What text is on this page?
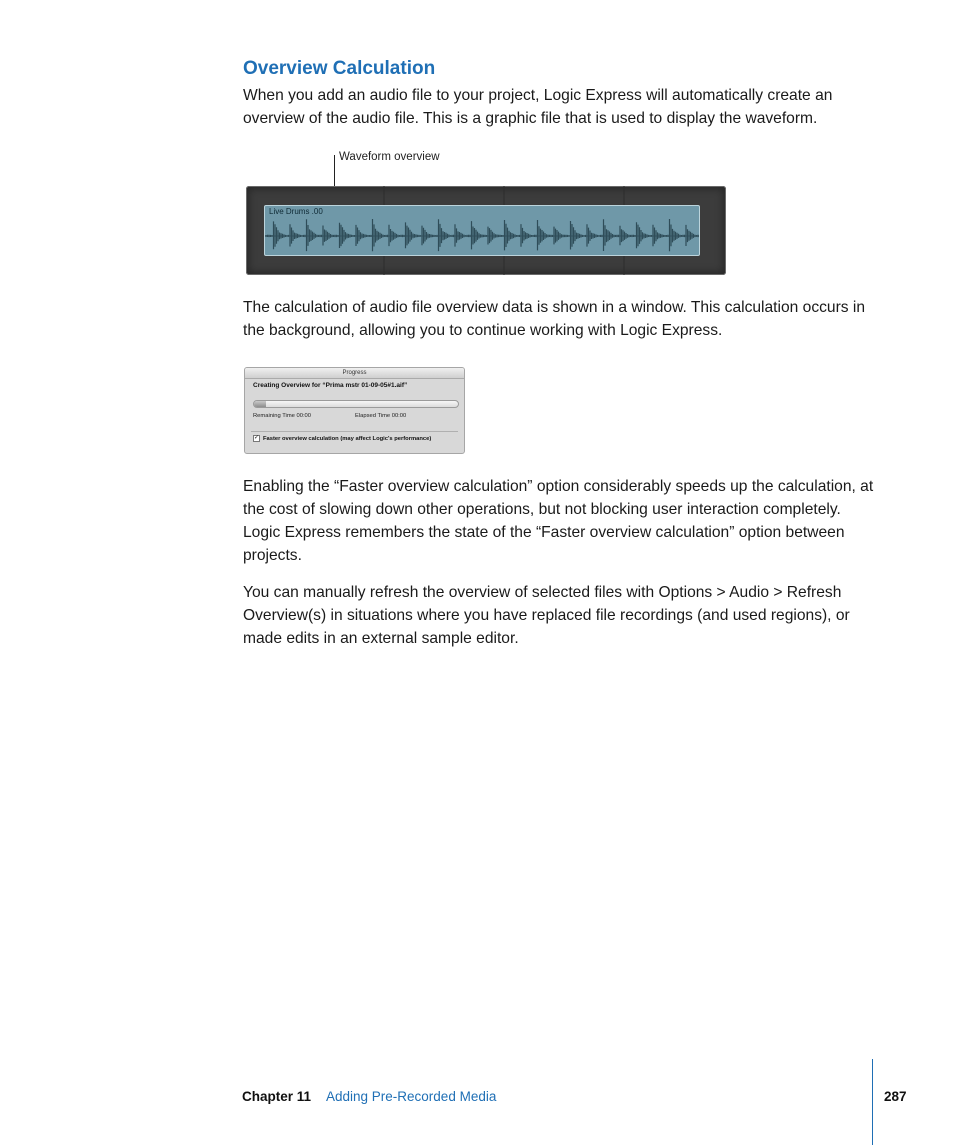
Overview Calculation

When you add an audio file to your project, Logic Express will automatically create an overview of the audio file. This is a graphic file that is used to display the waveform.

Waveform overview
Live Drums .00

The calculation of audio file overview data is shown in a window. This calculation occurs in the background, allowing you to continue working with Logic Express.

Progress
Creating Overview for “Prima mstr 01-09-05#1.aif”
Remaining Time 00:00	Elapsed Time 00:00
✓ Faster overview calculation (may affect Logic's performance)

Enabling the “Faster overview calculation” option considerably speeds up the calculation, at the cost of slowing down other operations, but not blocking user interaction completely. Logic Express remembers the state of the “Faster overview calculation” option between projects.

You can manually refresh the overview of selected files with Options > Audio > Refresh Overview(s) in situations where you have replaced file recordings (and used regions), or made edits in an external sample editor.

Chapter 11 Adding Pre-Recorded Media	287
